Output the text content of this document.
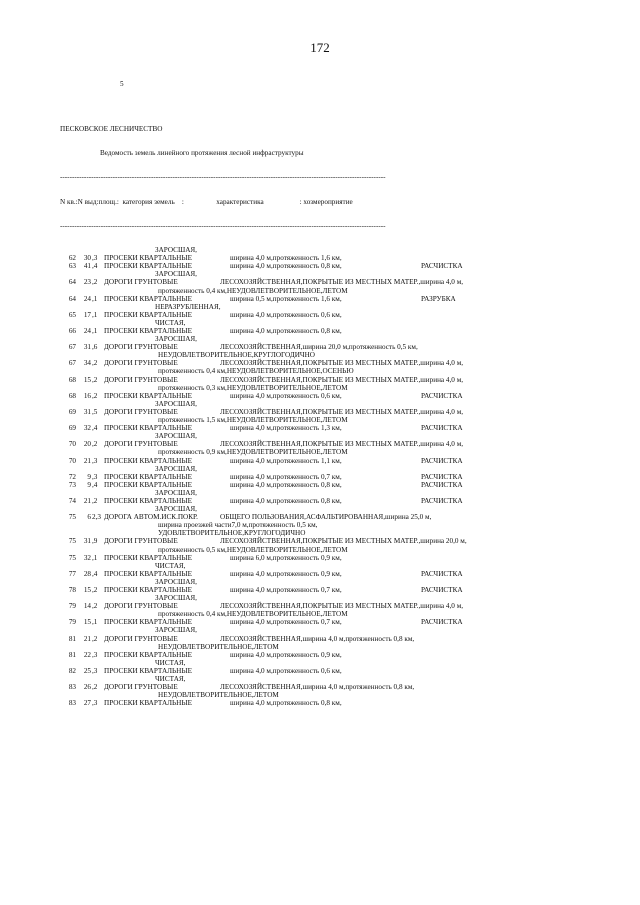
172

5

ПЕСКОВСКОЕ ЛЕСНИЧЕСТВО

Ведомость земель линейного протяжения лесной инфраструктуры

----------------------------------------------------------------------------------------------------------------------------------------

N кв.:N выд:площ.:  категория земель    :                  характеристика                    : хозмероприятие

----------------------------------------------------------------------------------------------------------------------------------------

ЗАРОСШАЯ,
62	30 ,3 ПРОСЕКИ КВАРТАЛЬНЫЕ	ширина 4,0 м,протяженность 1,6 км,
63	41 ,4 ПРОСЕКИ КВАРТАЛЬНЫЕ	ширина 4,0 м,протяженность 0,8 км,	РАСЧИСТКА
ЗАРОСШАЯ,
64	23 ,2 ДОРОГИ ГРУНТОВЫЕ	ЛЕСОХОЗЯЙСТВЕННАЯ,ПОКРЫТЫЕ ИЗ МЕСТНЫХ МАТЕР.,ширина 4,0 м,
протяженность 0,4 км,НЕУДОВЛЕТВОРИТЕЛЬНОЕ,ЛЕТОМ
64	24 ,1 ПРОСЕКИ КВАРТАЛЬНЫЕ	ширина 0,5 м,протяженность 1,6 км,	РАЗРУБКА
НЕРАЗРУБЛЕННАЯ,
65	17 ,1 ПРОСЕКИ КВАРТАЛЬНЫЕ	ширина 4,0 м,протяженность 0,6 км,
ЧИСТАЯ,
66	24 ,1 ПРОСЕКИ КВАРТАЛЬНЫЕ	ширина 4,0 м,протяженность 0,8 км,
ЗАРОСШАЯ,
67	31 ,6 ДОРОГИ ГРУНТОВЫЕ	ЛЕСОХОЗЯЙСТВЕННАЯ,ширина 20,0 м,протяженность 0,5 км,
НЕУДОВЛЕТВОРИТЕЛЬНОЕ,КРУГЛОГОДИЧНО
67	34 ,2 ДОРОГИ ГРУНТОВЫЕ	ЛЕСОХОЗЯЙСТВЕННАЯ,ПОКРЫТЫЕ ИЗ МЕСТНЫХ МАТЕР.,ширина 4,0 м,
протяженность 0,4 км,НЕУДОВЛЕТВОРИТЕЛЬНОЕ,ОСЕНЬЮ
68	15 ,2 ДОРОГИ ГРУНТОВЫЕ	ЛЕСОХОЗЯЙСТВЕННАЯ,ПОКРЫТЫЕ ИЗ МЕСТНЫХ МАТЕР.,ширина 4,0 м,
протяженность 0,3 км,НЕУДОВЛЕТВОРИТЕЛЬНОЕ,ЛЕТОМ
68	16 ,2 ПРОСЕКИ КВАРТАЛЬНЫЕ	ширина 4,0 м,протяженность 0,6 км,	РАСЧИСТКА
ЗАРОСШАЯ,
69	31 ,5 ДОРОГИ ГРУНТОВЫЕ	ЛЕСОХОЗЯЙСТВЕННАЯ,ПОКРЫТЫЕ ИЗ МЕСТНЫХ МАТЕР.,ширина 4,0 м,
протяженность 1,5 км,НЕУДОВЛЕТВОРИТЕЛЬНОЕ,ЛЕТОМ
69	32 ,4 ПРОСЕКИ КВАРТАЛЬНЫЕ	ширина 4,0 м,протяженность 1,3 км,	РАСЧИСТКА
ЗАРОСШАЯ,
70	20 ,2 ДОРОГИ ГРУНТОВЫЕ	ЛЕСОХОЗЯЙСТВЕННАЯ,ПОКРЫТЫЕ ИЗ МЕСТНЫХ МАТЕР.,ширина 4,0 м,
протяженность 0,9 км,НЕУДОВЛЕТВОРИТЕЛЬНОЕ,ЛЕТОМ
70	21 ,3 ПРОСЕКИ КВАРТАЛЬНЫЕ	ширина 4,0 м,протяженность 1,1 км,	РАСЧИСТКА
ЗАРОСШАЯ,
72	9 ,3 ПРОСЕКИ КВАРТАЛЬНЫЕ	ширина 4,0 м,протяженность 0,7 км,	РАСЧИСТКА
73	9 ,4 ПРОСЕКИ КВАРТАЛЬНЫЕ	ширина 4,0 м,протяженность 0,8 км,	РАСЧИСТКА
ЗАРОСШАЯ,
74	21 ,2 ПРОСЕКИ КВАРТАЛЬНЫЕ	ширина 4,0 м,протяженность 0,8 км,	РАСЧИСТКА
ЗАРОСШАЯ,
75	6 2,3 ДОРОГА АВТОМ.ИСК.ПОКР.	ОБЩЕГО ПОЛЬЗОВАНИЯ,АСФАЛЬТИРОВАННАЯ,ширина 25,0 м,
ширина проезжей части7,0 м,протяженность 0,5 км,
УДОВЛЕТВОРИТЕЛЬНОЕ,КРУГЛОГОДИЧНО
75	31 ,9 ДОРОГИ ГРУНТОВЫЕ	ЛЕСОХОЗЯЙСТВЕННАЯ,ПОКРЫТЫЕ ИЗ МЕСТНЫХ МАТЕР.,ширина 20,0 м,
протяженность 0,5 км,НЕУДОВЛЕТВОРИТЕЛЬНОЕ,ЛЕТОМ
75	32 ,1 ПРОСЕКИ КВАРТАЛЬНЫЕ	ширина 6,0 м,протяженность 0,9 км,
ЧИСТАЯ,
77	28 ,4 ПРОСЕКИ КВАРТАЛЬНЫЕ	ширина 4,0 м,протяженность 0,9 км,	РАСЧИСТКА
ЗАРОСШАЯ,
78	15 ,2 ПРОСЕКИ КВАРТАЛЬНЫЕ	ширина 4,0 м,протяженность 0,7 км,	РАСЧИСТКА
ЗАРОСШАЯ,
79	14 ,2 ДОРОГИ ГРУНТОВЫЕ	ЛЕСОХОЗЯЙСТВЕННАЯ,ПОКРЫТЫЕ ИЗ МЕСТНЫХ МАТЕР.,ширина 4,0 м,
протяженность 0,4 км,НЕУДОВЛЕТВОРИТЕЛЬНОЕ,ЛЕТОМ
79	15 ,1 ПРОСЕКИ КВАРТАЛЬНЫЕ	ширина 4,0 м,протяженность 0,7 км,	РАСЧИСТКА
ЗАРОСШАЯ,
81	21 ,2 ДОРОГИ ГРУНТОВЫЕ	ЛЕСОХОЗЯЙСТВЕННАЯ,ширина 4,0 м,протяженность 0,8 км,
НЕУДОВЛЕТВОРИТЕЛЬНОЕ,ЛЕТОМ
81	22 ,3 ПРОСЕКИ КВАРТАЛЬНЫЕ	ширина 4,0 м,протяженность 0,9 км,
ЧИСТАЯ,
82	25 ,3 ПРОСЕКИ КВАРТАЛЬНЫЕ	ширина 4,0 м,протяженность 0,6 км,
ЧИСТАЯ,
83	26 ,2 ДОРОГИ ГРУНТОВЫЕ	ЛЕСОХОЗЯЙСТВЕННАЯ,ширина 4,0 м,протяженность 0,8 км,
НЕУДОВЛЕТВОРИТЕЛЬНОЕ,ЛЕТОМ
83	27 ,3 ПРОСЕКИ КВАРТАЛЬНЫЕ	ширина 4,0 м,протяженность 0,8 км,
